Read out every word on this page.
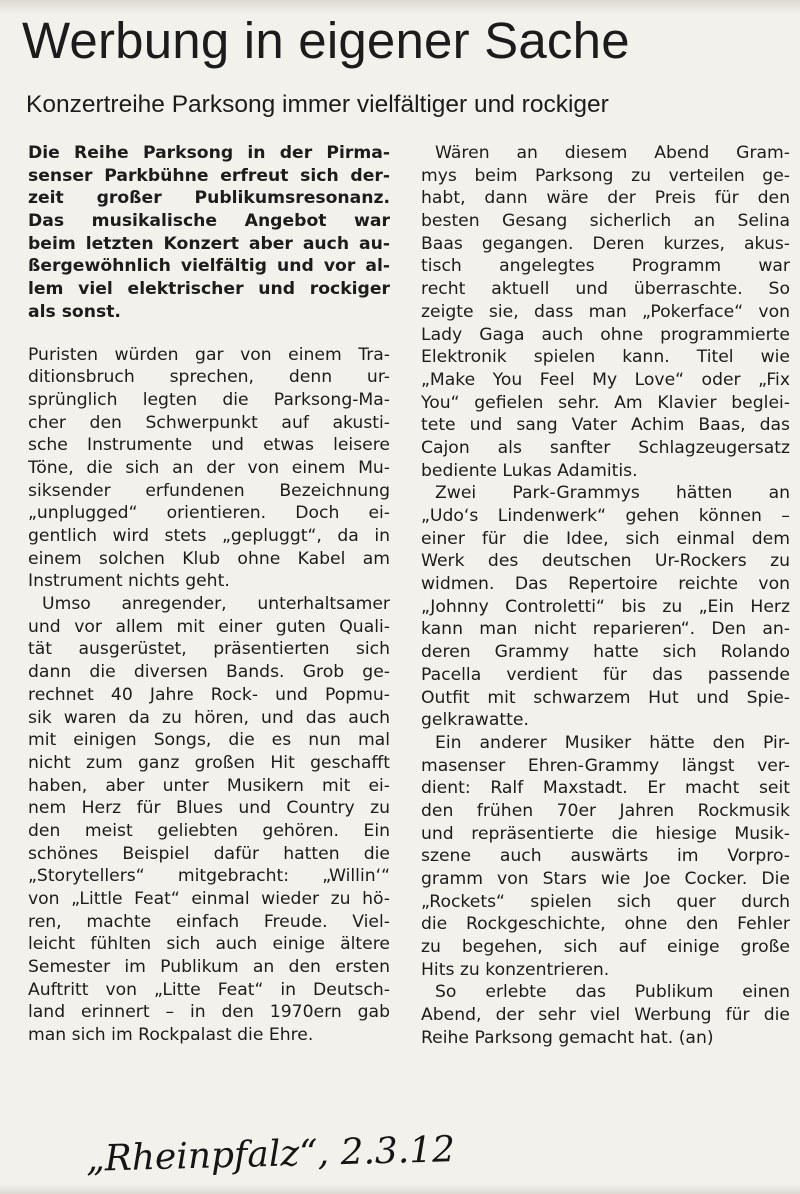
Werbung in eigener Sache
Konzertreihe Parksong immer vielfältiger und rockiger
Die Reihe Parksong in der Pirma-
senser Parkbühne erfreut sich der-
zeit großer Publikumsresonanz.
Das musikalische Angebot war
beim letzten Konzert aber auch au-
ßergewöhnlich vielfältig und vor al-
lem viel elektrischer und rockiger
als sonst.

Puristen würden gar von einem Tra-
ditionsbruch sprechen, denn ur-
sprünglich legten die Parksong-Ma-
cher den Schwerpunkt auf akusti-
sche Instrumente und etwas leisere
Töne, die sich an der von einem Mu-
siksender erfundenen Bezeichnung
„unplugged“ orientieren. Doch ei-
gentlich wird stets „gepluggt“, da in
einem solchen Klub ohne Kabel am
Instrument nichts geht.

Umso anregender, unterhaltsamer
und vor allem mit einer guten Quali-
tät ausgerüstet, präsentierten sich
dann die diversen Bands. Grob ge-
rechnet 40 Jahre Rock- und Popmu-
sik waren da zu hören, und das auch
mit einigen Songs, die es nun mal
nicht zum ganz großen Hit geschafft
haben, aber unter Musikern mit ei-
nem Herz für Blues und Country zu
den meist geliebten gehören. Ein
schönes Beispiel dafür hatten die
„Storytellers“ mitgebracht: „Willin‘“
von „Little Feat“ einmal wieder zu hö-
ren, machte einfach Freude. Viel-
leicht fühlten sich auch einige ältere
Semester im Publikum an den ersten
Auftritt von „Litte Feat“ in Deutsch-
land erinnert – in den 1970ern gab
man sich im Rockpalast die Ehre.

Wären an diesem Abend Gram-
mys beim Parksong zu verteilen ge-
habt, dann wäre der Preis für den
besten Gesang sicherlich an Selina
Baas gegangen. Deren kurzes, akus-
tisch angelegtes Programm war
recht aktuell und überraschte. So
zeigte sie, dass man „Pokerface“ von
Lady Gaga auch ohne programmierte
Elektronik spielen kann. Titel wie
„Make You Feel My Love“ oder „Fix
You“ gefielen sehr. Am Klavier beglei-
tete und sang Vater Achim Baas, das
Cajon als sanfter Schlagzeugersatz
bediente Lukas Adamitis.

Zwei Park-Grammys hätten an
„Udo‘s Lindenwerk“ gehen können –
einer für die Idee, sich einmal dem
Werk des deutschen Ur-Rockers zu
widmen. Das Repertoire reichte von
„Johnny Controletti“ bis zu „Ein Herz
kann man nicht reparieren“. Den an-
deren Grammy hatte sich Rolando
Pacella verdient für das passende
Outfit mit schwarzem Hut und Spie-
gelkrawatte.

Ein anderer Musiker hätte den Pir-
masenser Ehren-Grammy längst ver-
dient: Ralf Maxstadt. Er macht seit
den frühen 70er Jahren Rockmusik
und repräsentierte die hiesige Musik-
szene auch auswärts im Vorpro-
gramm von Stars wie Joe Cocker. Die
„Rockets“ spielen sich quer durch
die Rockgeschichte, ohne den Fehler
zu begehen, sich auf einige große
Hits zu konzentrieren.

So erlebte das Publikum einen
Abend, der sehr viel Werbung für die
Reihe Parksong gemacht hat. (an)

„Rheinpfalz“, 2.3.12
